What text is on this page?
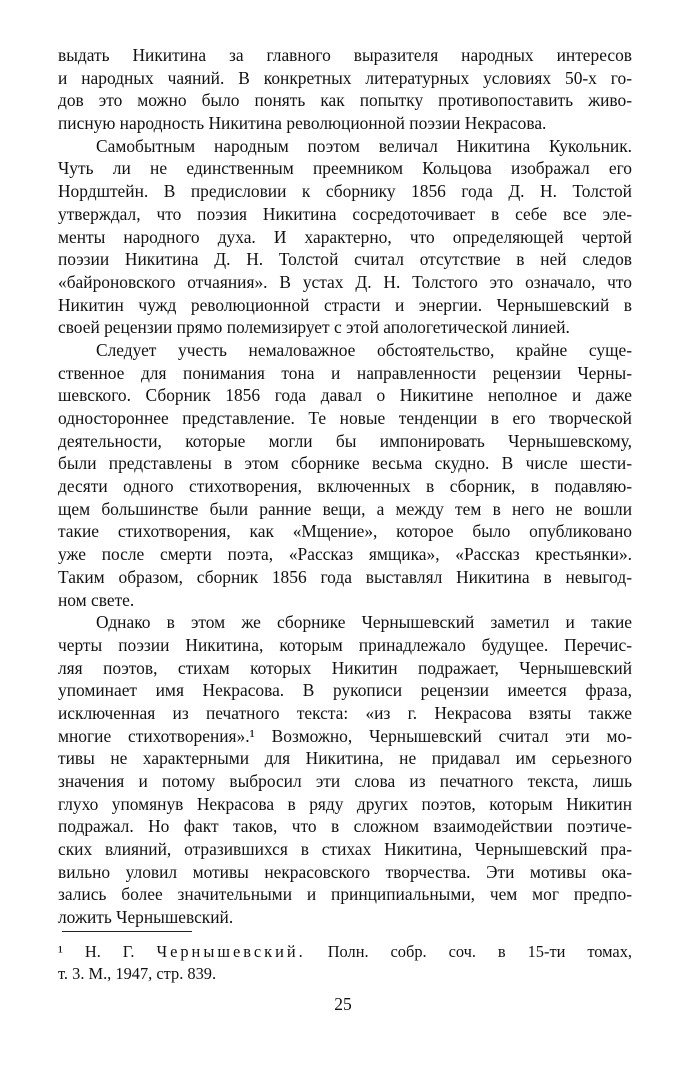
выдать Никитина за главного выразителя народных интересов
и народных чаяний. В конкретных литературных условиях 50-х го-
дов это можно было понять как попытку противопоставить живо-
писную народность Никитина революционной поэзии Некрасова.
Самобытным народным поэтом величал Никитина Кукольник.
Чуть ли не единственным преемником Кольцова изображал его
Нордштейн. В предисловии к сборнику 1856 года Д. Н. Толстой
утверждал, что поэзия Никитина сосредоточивает в себе все эле-
менты народного духа. И характерно, что определяющей чертой
поэзии Никитина Д. Н. Толстой считал отсутствие в ней следов
«байроновского отчаяния». В устах Д. Н. Толстого это означало, что
Никитин чужд революционной страсти и энергии. Чернышевский в
своей рецензии прямо полемизирует с этой апологетической линией.
Следует учесть немаловажное обстоятельство, крайне суще-
ственное для понимания тона и направленности рецензии Черны-
шевского. Сборник 1856 года давал о Никитине неполное и даже
одностороннее представление. Те новые тенденции в его творческой
деятельности, которые могли бы импонировать Чернышевскому,
были представлены в этом сборнике весьма скудно. В числе шести-
десяти одного стихотворения, включенных в сборник, в подавляю-
щем большинстве были ранние вещи, а между тем в него не вошли
такие стихотворения, как «Мщение», которое было опубликовано
уже после смерти поэта, «Рассказ ямщика», «Рассказ крестьянки».
Таким образом, сборник 1856 года выставлял Никитина в невыгод-
ном свете.
Однако в этом же сборнике Чернышевский заметил и такие
черты поэзии Никитина, которым принадлежало будущее. Перечис-
ляя поэтов, стихам которых Никитин подражает, Чернышевский
упоминает имя Некрасова. В рукописи рецензии имеется фраза,
исключенная из печатного текста: «из г. Некрасова взяты также
многие стихотворения».¹ Возможно, Чернышевский считал эти мо-
тивы не характерными для Никитина, не придавал им серьезного
значения и потому выбросил эти слова из печатного текста, лишь
глухо упомянув Некрасова в ряду других поэтов, которым Никитин
подражал. Но факт таков, что в сложном взаимодействии поэтиче-
ских влияний, отразившихся в стихах Никитина, Чернышевский пра-
вильно уловил мотивы некрасовского творчества. Эти мотивы ока-
зались более значительными и принципиальными, чем мог предпо-
ложить Чернышевский.
¹ Н. Г. Чернышевский. Полн. собр. соч. в 15-ти томах,
т. 3. М., 1947, стр. 839.
25
